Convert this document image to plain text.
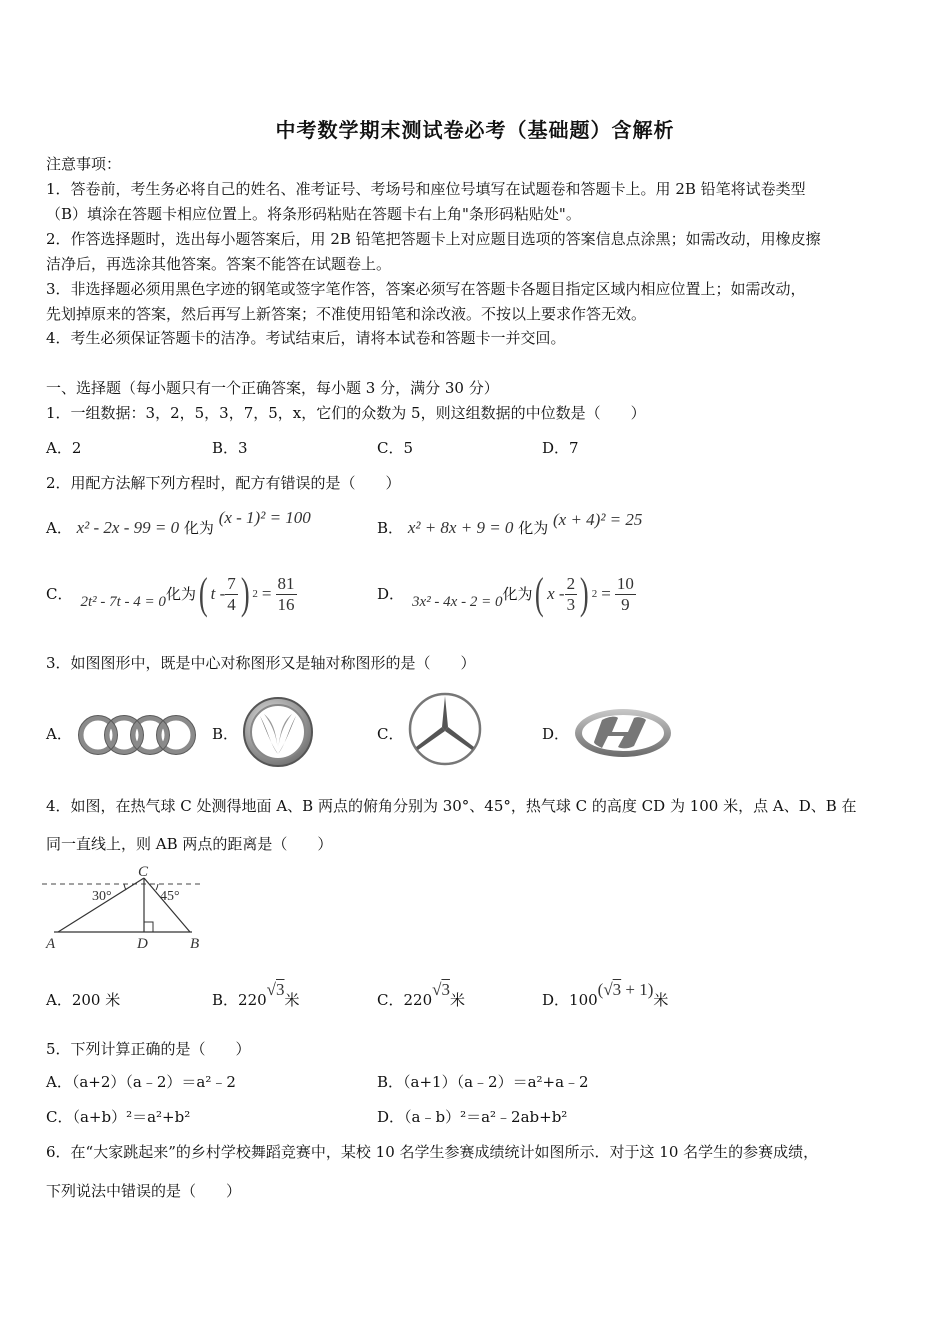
中考数学期末测试卷必考（基础题）含解析
注意事项：
1．答卷前，考生务必将自己的姓名、准考证号、考场号和座位号填写在试题卷和答题卡上。用 2B 铅笔将试卷类型
（B）填涂在答题卡相应位置上。将条形码粘贴在答题卡右上角"条形码粘贴处"。
2．作答选择题时，选出每小题答案后，用 2B 铅笔把答题卡上对应题目选项的答案信息点涂黑；如需改动，用橡皮擦
洁净后，再选涂其他答案。答案不能答在试题卷上。
3．非选择题必须用黑色字迹的钢笔或签字笔作答，答案必须写在答题卡各题目指定区域内相应位置上；如需改动，
先划掉原来的答案，然后再写上新答案；不准使用铅笔和涂改液。不按以上要求作答无效。
4．考生必须保证答题卡的洁净。考试结束后，请将本试卷和答题卡一并交回。
一、选择题（每小题只有一个正确答案，每小题 3 分，满分 30 分）
1．一组数据：3，2，5，3，7，5，x，它们的众数为 5，则这组数据的中位数是（　　）
A．2	B．3	C．5	D．7
2．用配方法解下列方程时，配方有错误的是（　　）
A． x² - 2x - 99 = 0 化为 (x - 1)² = 100
B． x² + 8x + 9 = 0 化为 (x + 4)² = 25
C． 2t² - 7t - 4 = 0 化为 ( t - $\frac{7}{4}$ ) $2 = \frac{81}{16}$	D． 3x² - 4x - 2 = 0 化为 ( x - $\frac{2}{3}$ ) $2 = \frac{10}{9}$
3．如图图形中，既是中心对称图形又是轴对称图形的是（　　）
A．	B．	C．	D．
4．如图，在热气球 C 处测得地面 A、B 两点的俯角分别为 30°、45°，热气球 C 的高度 CD 为 100 米，点 A、D、B 在
同一直线上，则 AB 两点的距离是（　　）
C
30°	45°
A	D	B
A．200 米	B．220√3米	C．220√3米	D．100(√3 + 1)米
5．下列计算正确的是（　　）
A．（a+2）（a﹣2）＝a²﹣2	B．（a+1）（a﹣2）＝a²+a﹣2
C．（a+b）²＝a²+b²	D．（a﹣b）²＝a²﹣2ab+b²
6．在“大家跳起来”的乡村学校舞蹈竞赛中，某校 10 名学生参赛成绩统计如图所示．对于这 10 名学生的参赛成绩，
下列说法中错误的是（　　）
